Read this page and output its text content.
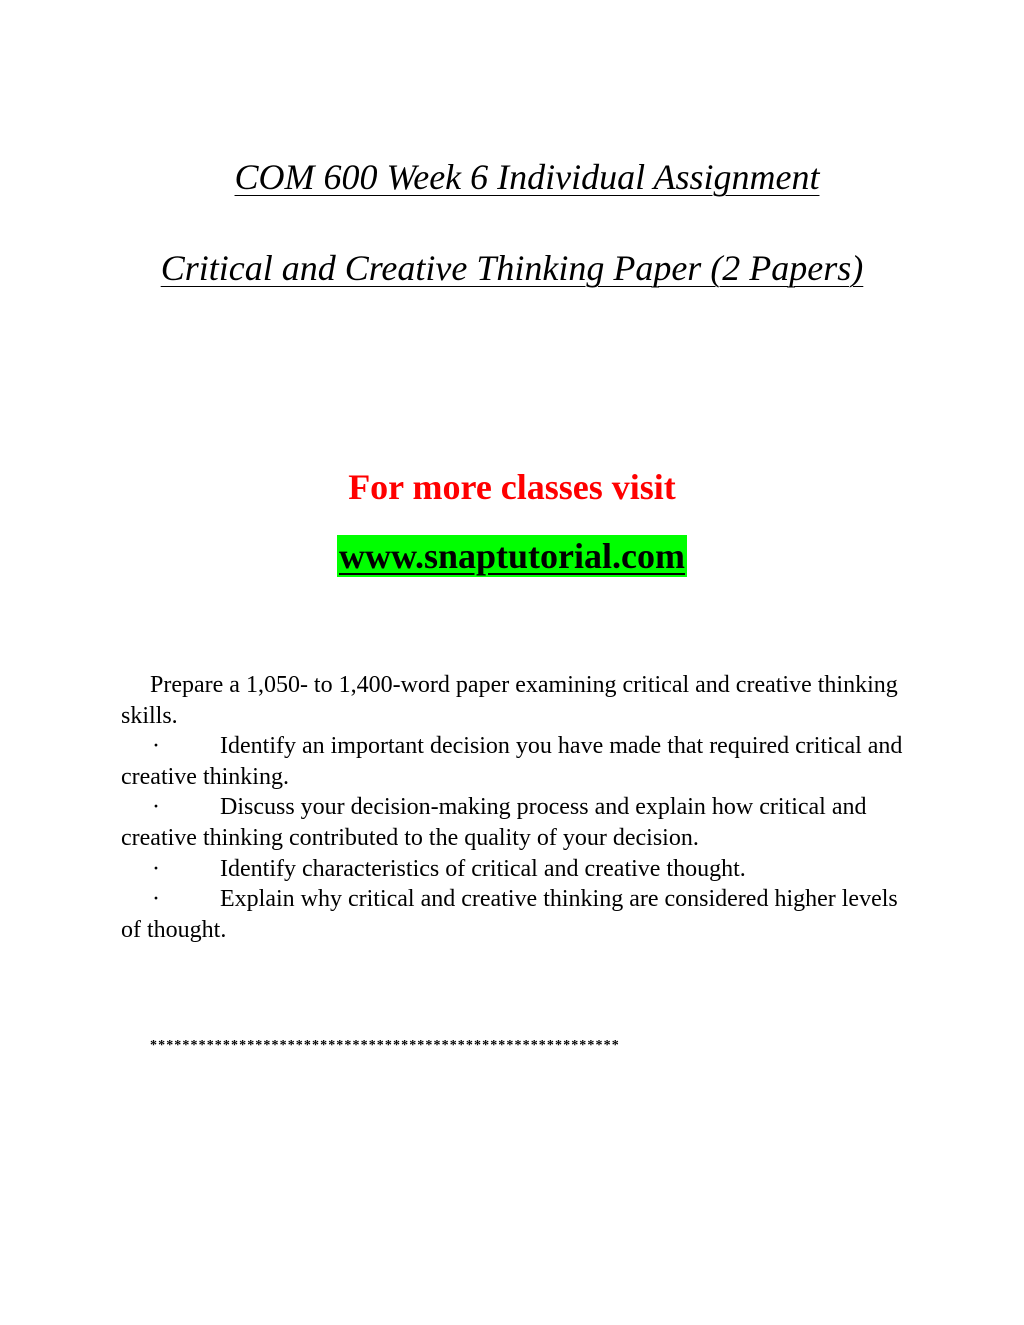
COM 600 Week 6 Individual Assignment
Critical and Creative Thinking Paper (2 Papers)
For more classes visit
www.snaptutorial.com

Prepare a 1,050- to 1,400-word paper examining critical and creative thinking skills.

·	Identify an important decision you have made that required critical and creative thinking.

·	Discuss your decision-making process and explain how critical and creative thinking contributed to the quality of your decision.

·	Identify characteristics of critical and creative thought.

·	Explain why critical and creative thinking are considered higher levels of thought.

**********************************************************
